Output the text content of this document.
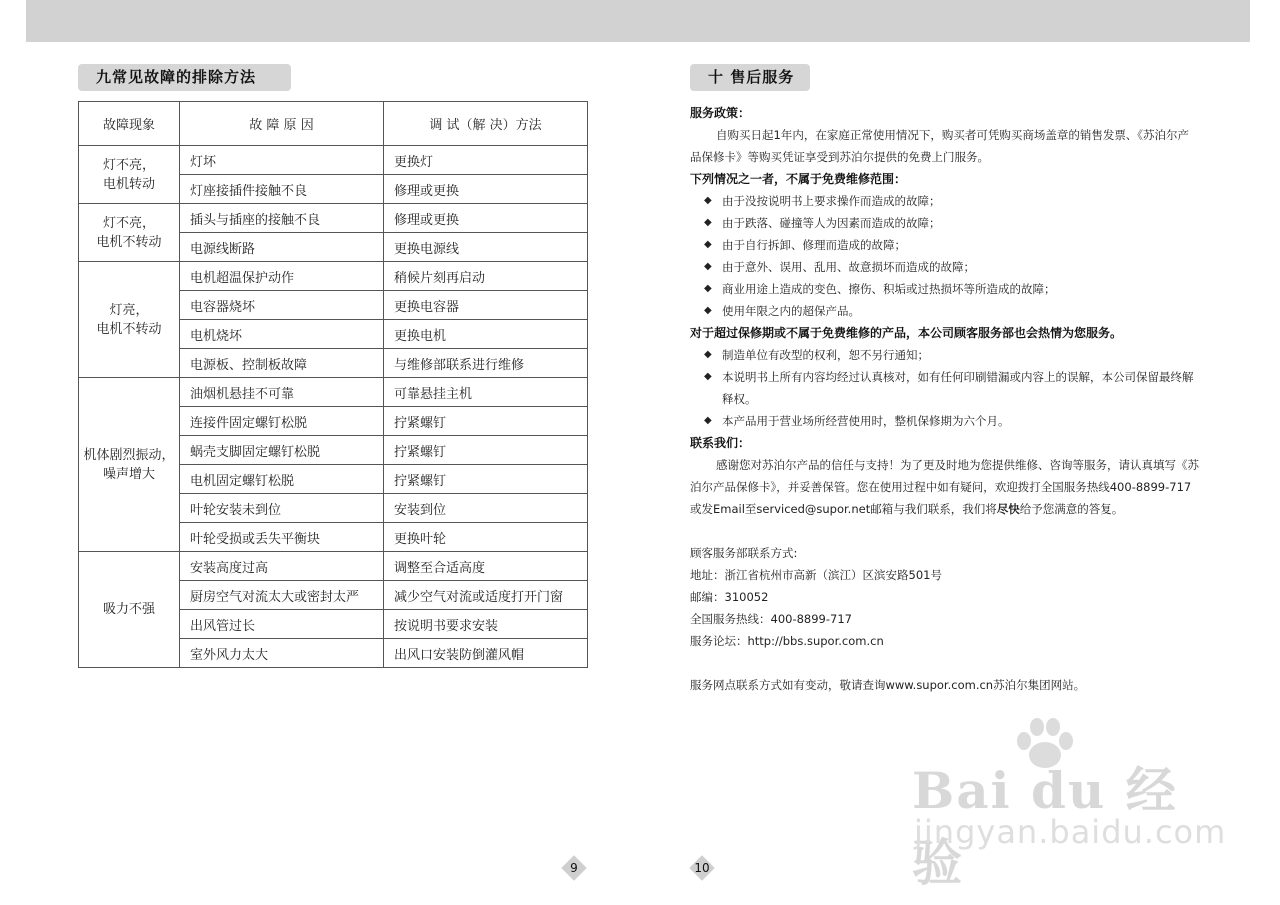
九常见故障的排除方法
故障现象	故 障 原 因	调 试（解 决）方法
灯不亮，
电机转动	灯坏	更换灯
	灯座接插件接触不良	修理或更换
灯不亮，
电机不转动	插头与插座的接触不良	修理或更换
	电源线断路	更换电源线
灯亮，
电机不转动	电机超温保护动作	稍候片刻再启动
	电容器烧坏	更换电容器
	电机烧坏	更换电机
	电源板、控制板故障	与维修部联系进行维修
机体剧烈振动，
噪声增大	油烟机悬挂不可靠	可靠悬挂主机
	连接件固定螺钉松脱	拧紧螺钉
	蜗壳支脚固定螺钉松脱	拧紧螺钉
	电机固定螺钉松脱	拧紧螺钉
	叶轮安装未到位	安装到位
	叶轮受损或丢失平衡块	更换叶轮
吸力不强	安装高度过高	调整至合适高度
	厨房空气对流太大或密封太严	减少空气对流或适度打开门窗
	出风管过长	按说明书要求安装
	室外风力太大	出风口安装防倒灌风帽
9
十 售后服务

服务政策：

自购买日起1年内，在家庭正常使用情况下，购买者可凭购买商场盖章的销售发票、《苏泊尔产品保修卡》等购买凭证享受到苏泊尔提供的免费上门服务。

下列情况之一者，不属于免费维修范围：

◆ 由于没按说明书上要求操作而造成的故障；
◆ 由于跌落、碰撞等人为因素而造成的故障；
◆ 由于自行拆卸、修理而造成的故障；
◆ 由于意外、误用、乱用、故意损坏而造成的故障；
◆ 商业用途上造成的变色、擦伤、积垢或过热损坏等所造成的故障；
◆ 使用年限之内的超保产品。

对于超过保修期或不属于免费维修的产品，本公司顾客服务部也会热情为您服务。

◆ 制造单位有改型的权利，恕不另行通知；
◆ 本说明书上所有内容均经过认真核对，如有任何印刷错漏或内容上的误解，本公司保留最终解释权。
◆ 本产品用于营业场所经营使用时，整机保修期为六个月。

联系我们：

感谢您对苏泊尔产品的信任与支持！为了更及时地为您提供维修、咨询等服务，请认真填写《苏泊尔产品保修卡》，并妥善保管。您在使用过程中如有疑问，欢迎拨打全国服务热线400-8899-717或发Email至serviced@supor.net邮箱与我们联系，我们将尽快给予您满意的答复。

顾客服务部联系方式:

地址：浙江省杭州市高新（滨江）区滨安路501号

邮编：310052

全国服务热线：400-8899-717

服务论坛：http://bbs.supor.com.cn

服务网点联系方式如有变动，敬请查询www.supor.com.cn苏泊尔集团网站。

10
Bai du 经验
jingyan.baidu.com
